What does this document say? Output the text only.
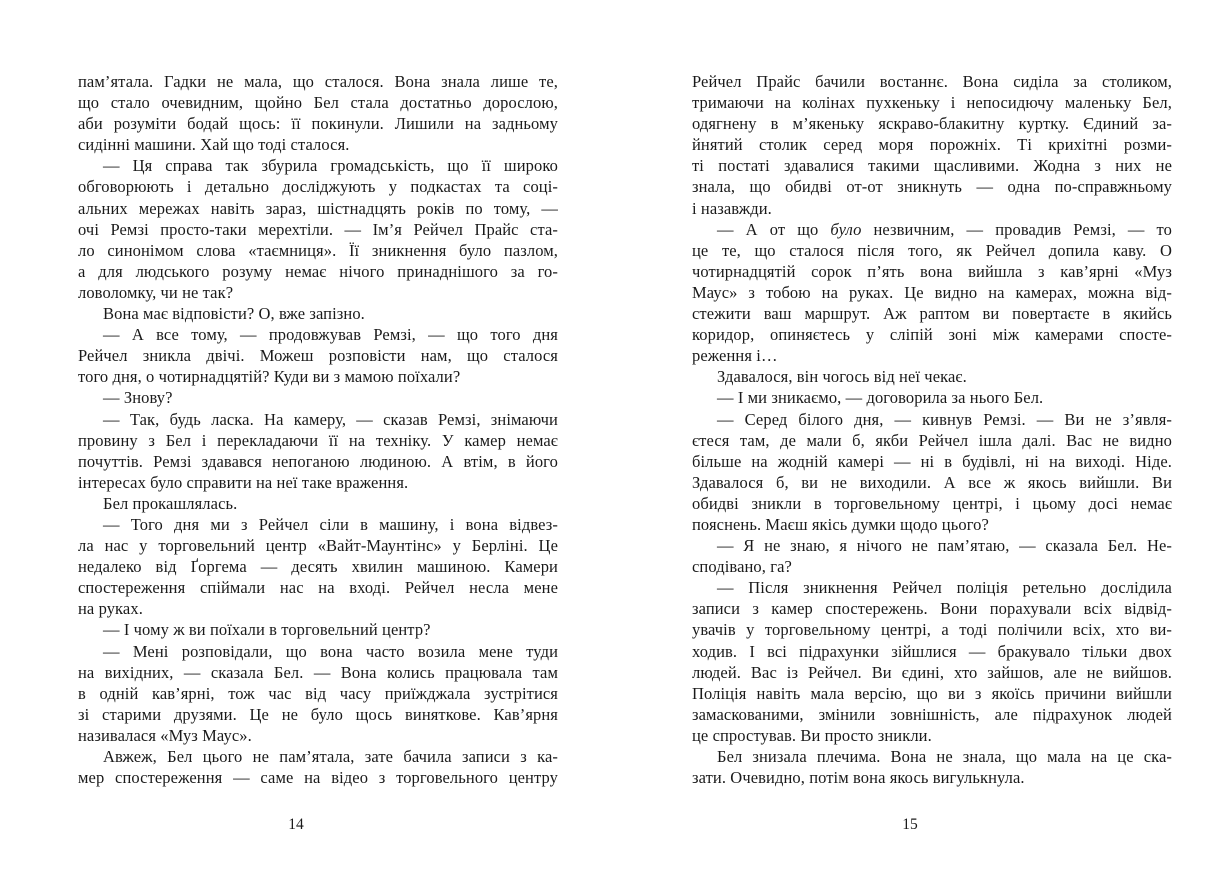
пам’ятала. Гадки не мала, що сталося. Вона знала лише те,
що стало очевидним, щойно Бел стала достатньо дорослою,
аби розуміти бодай щось: її покинули. Лишили на задньому
сидінні машини. Хай що тоді сталося.
— Ця справа так збурила громадськість, що її широко
обговорюють і детально досліджують у подкастах та соці-
альних мережах навіть зараз, шістнадцять років по тому, —
очі Ремзі просто-таки мерехтіли. — Ім’я Рейчел Прайс ста-
ло синонімом слова «таємниця». Її зникнення було пазлом,
а для людського розуму немає нічого принаднішого за го-
ловоломку, чи не так?
Вона має відповісти? О, вже запізно.
— А все тому, — продовжував Ремзі, — що того дня
Рейчел зникла двічі. Можеш розповісти нам, що сталося
того дня, о чотирнадцятій? Куди ви з мамою поїхали?
— Знову?
— Так, будь ласка. На камеру, — сказав Ремзі, знімаючи
провину з Бел і перекладаючи її на техніку. У камер немає
почуттів. Ремзі здавався непоганою людиною. А втім, в його
інтересах було справити на неї таке враження.
Бел прокашлялась.
— Того дня ми з Рейчел сіли в машину, і вона відвез-
ла нас у торговельний центр «Вайт-Маунтінс» у Берліні. Це
недалеко від Ґоргема — десять хвилин машиною. Камери
спостереження спіймали нас на вході. Рейчел несла мене
на руках.
— І чому ж ви поїхали в торговельний центр?
— Мені розповідали, що вона часто возила мене туди
на вихідних, — сказала Бел. — Вона колись працювала там
в одній кав’ярні, тож час від часу приїжджала зустрітися
зі старими друзями. Це не було щось виняткове. Кав’ярня
називалася «Муз Маус».
Авжеж, Бел цього не пам’ятала, зате бачила записи з ка-
мер спостереження — саме на відео з торговельного центру
14
Рейчел Прайс бачили востаннє. Вона сиділа за столиком,
тримаючи на колінах пухкеньку і непосидючу маленьку Бел,
одягнену в м’якеньку яскраво-блакитну куртку. Єдиний за-
йнятий столик серед моря порожніх. Ті крихітні розми-
ті постаті здавалися такими щасливими. Жодна з них не
знала, що обидві от-от зникнуть — одна по-справжньому
і назавжди.
— А от що було незвичним, — провадив Ремзі, — то
це те, що сталося після того, як Рейчел допила каву. О
чотирнадцятій сорок п’ять вона вийшла з кав’ярні «Муз
Маус» з тобою на руках. Це видно на камерах, можна від-
стежити ваш маршрут. Аж раптом ви повертаєте в якийсь
коридор, опиняєтесь у сліпій зоні між камерами спосте-
реження і…
Здавалося, він чогось від неї чекає.
— І ми зникаємо, — договорила за нього Бел.
— Серед білого дня, — кивнув Ремзі. — Ви не з’явля-
єтеся там, де мали б, якби Рейчел ішла далі. Вас не видно
більше на жодній камері — ні в будівлі, ні на виході. Ніде.
Здавалося б, ви не виходили. А все ж якось вийшли. Ви
обидві зникли в торговельному центрі, і цьому досі немає
пояснень. Маєш якісь думки щодо цього?
— Я не знаю, я нічого не пам’ятаю, — сказала Бел. Не-
сподівано, га?
— Після зникнення Рейчел поліція ретельно дослідила
записи з камер спостережень. Вони порахували всіх відвід-
увачів у торговельному центрі, а тоді полічили всіх, хто ви-
ходив. І всі підрахунки зійшлися — бракувало тільки двох
людей. Вас із Рейчел. Ви єдині, хто зайшов, але не вийшов.
Поліція навіть мала версію, що ви з якоїсь причини вийшли
замаскованими, змінили зовнішність, але підрахунок людей
це спростував. Ви просто зникли.
Бел знизала плечима. Вона не знала, що мала на це ска-
зати. Очевидно, потім вона якось вигулькнула.
15
